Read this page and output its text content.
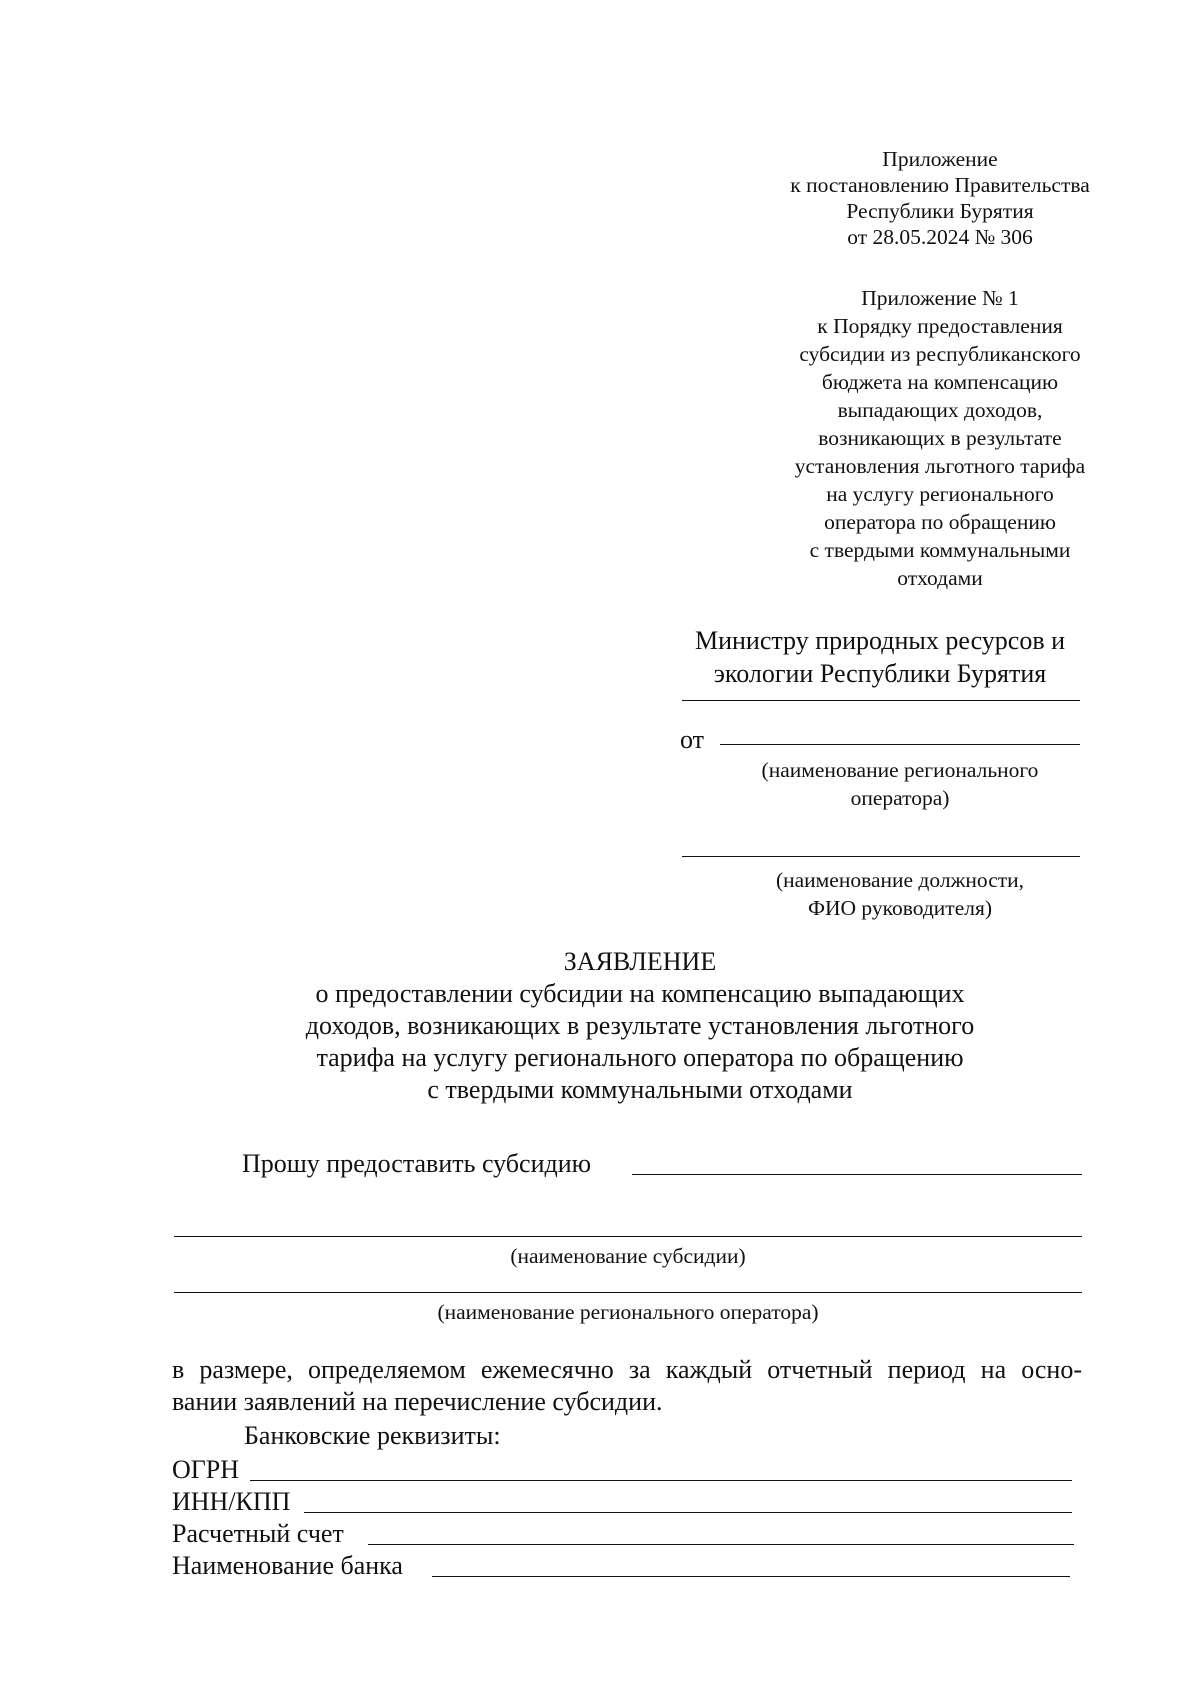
Приложение

к постановлению Правительства

Республики Бурятия

от 28.05.2024 № 306

Приложение № 1

к Порядку предоставления

субсидии из республиканского

бюджета на компенсацию

выпадающих доходов,

возникающих в результате

установления льготного тарифа

на услугу регионального

оператора по обращению

с твердыми коммунальными

отходами

Министру природных ресурсов и

экологии Республики Бурятия

от

(наименование регионального

оператора)

(наименование должности,

ФИО руководителя)

ЗАЯВЛЕНИЕ

о предоставлении субсидии на компенсацию выпадающих

доходов, возникающих в результате установления льготного

тарифа на услугу регионального оператора по обращению

с твердыми коммунальными отходами

Прошу предоставить субсидию
(наименование субсидии)
(наименование регионального оператора)
в размере, определяемом ежемесячно за каждый отчетный период на осно-
вании заявлений на перечисление субсидии.
Банковские реквизиты:
ОГРН
ИНН/КПП
Расчетный счет
Наименование банка
